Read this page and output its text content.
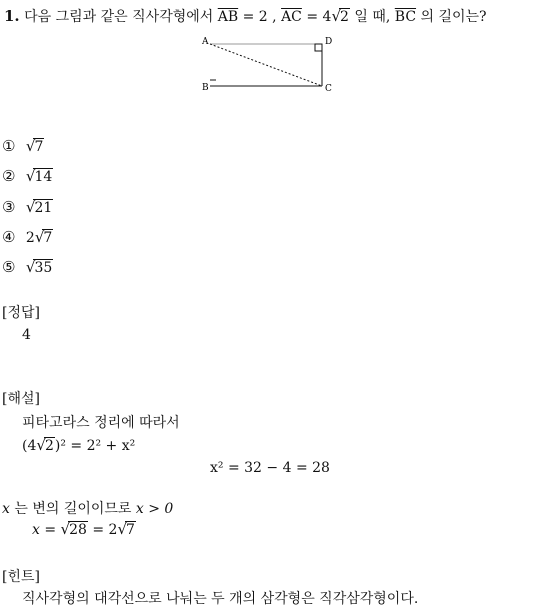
1. 다음 그림과 같은 직사각형에서 $\overline{AB} = 2$ , $\overline{AC} = 4√2$ 일 때, $\overline{BC}$ 의 길이는?
A
B	C
D
① √7
② √14
③ √21
④ 2√7
⑤ √35
[정답]
4
[해설]
피타고라스 정리에 따라서
(4√2)² = 2² + x²
x² = 32 − 4 = 28
x 는 변의 길이이므로 x > 0
x = √28 = 2√7
[힌트]
직사각형의 대각선으로 나눠는 두 개의 삼각형은 직각삼각형이다.
